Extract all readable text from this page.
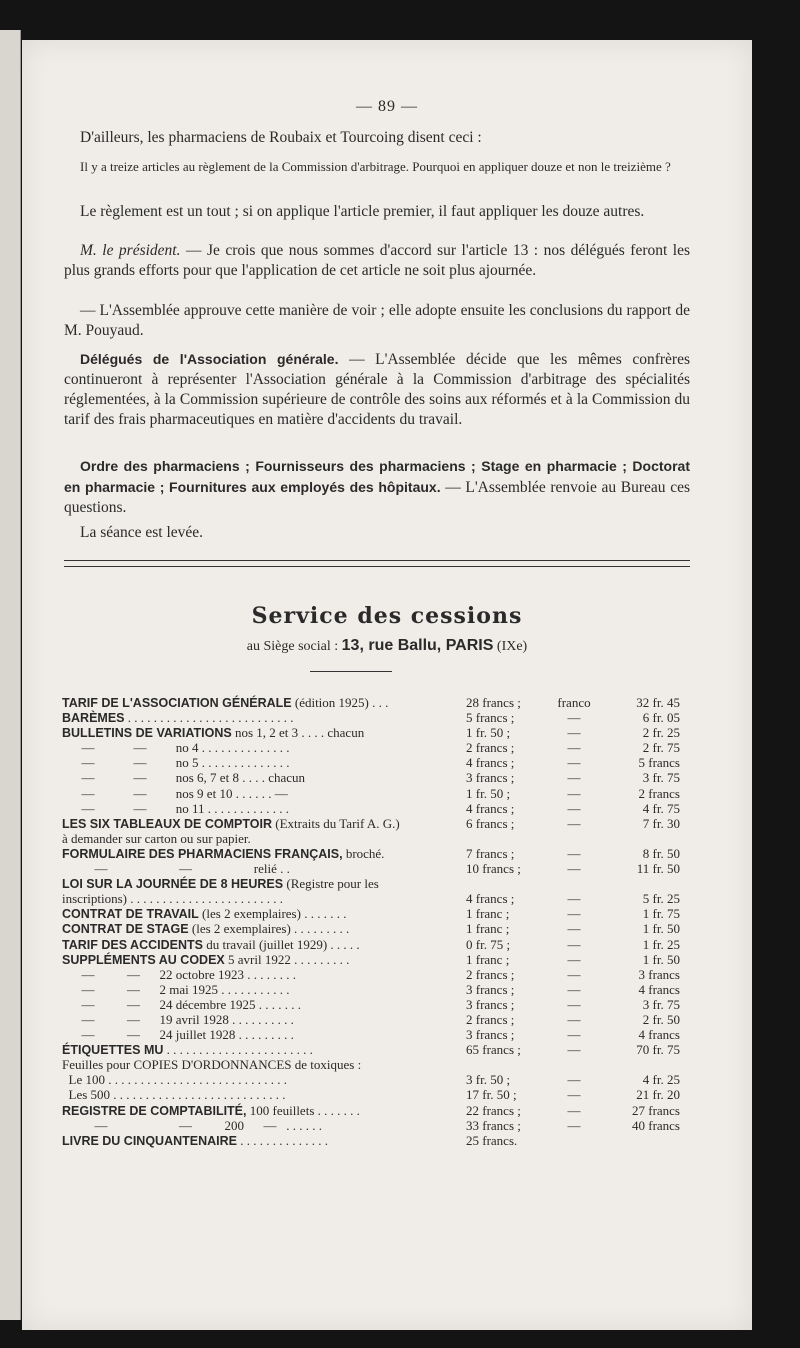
— 89 —
D'ailleurs, les pharmaciens de Roubaix et Tourcoing disent ceci :
Il y a treize articles au règlement de la Commission d'arbitrage. Pourquoi en appliquer douze et non le treizième ?
Le règlement est un tout ; si on applique l'article premier, il faut appliquer les douze autres.
M. le président. — Je crois que nous sommes d'accord sur l'article 13 : nos délégués feront les plus grands efforts pour que l'application de cet article ne soit plus ajournée.
— L'Assemblée approuve cette manière de voir ; elle adopte ensuite les conclusions du rapport de M. Pouyaud.
Délégués de l'Association générale. — L'Assemblée décide que les mêmes confrères continueront à représenter l'Association générale à la Commission d'arbitrage des spécialités réglementées, à la Commission supérieure de contrôle des soins aux réformés et à la Commission du tarif des frais pharmaceutiques en matière d'accidents du travail.
Ordre des pharmaciens ; Fournisseurs des pharmaciens ; Stage en pharmacie ; Doctorat en pharmacie ; Fournitures aux employés des hôpitaux. — L'Assemblée renvoie au Bureau ces questions.
La séance est levée.
Service des cessions
au Siège social : 13, rue Ballu, PARIS (IXe)
TARIF DE L'ASSOCIATION GÉNÉRALE (édition 1925) . . .	28 francs ;	franco	32 fr. 45
BARÈMES . . . . . . . . . . . . . . . . . . . . . . . . . .	5 francs ;	—	6 fr. 05
BULLETINS DE VARIATIONS nos 1, 2 et 3 . . . . chacun	1 fr. 50 ;	—	2 fr. 25
—            —         no 4 . . . . . . . . . . . . . .	2 francs ;	—	2 fr. 75
—            —         no 5 . . . . . . . . . . . . . .	4 francs ;	—	5 francs
—            —         nos 6, 7 et 8 . . . . chacun	3 francs ;	—	3 fr. 75
—            —         nos 9 et 10 . . . . . . —	1 fr. 50 ;	—	2 francs
—            —         no 11 . . . . . . . . . . . . .	4 francs ;	—	4 fr. 75
LES SIX TABLEAUX DE COMPTOIR (Extraits du Tarif A. G.)	6 francs ;	—	7 fr. 30
à demander sur carton ou sur papier.
FORMULAIRE DES PHARMACIENS FRANÇAIS, broché.	7 francs ;	—	8 fr. 50
—                      —                   relié . .	10 francs ;	—	11 fr. 50
LOI SUR LA JOURNÉE DE 8 HEURES (Registre pour les
inscriptions) . . . . . . . . . . . . . . . . . . . . . . . .	4 francs ;	—	5 fr. 25
CONTRAT DE TRAVAIL (les 2 exemplaires) . . . . . . .	1 franc ;	—	1 fr. 75
CONTRAT DE STAGE (les 2 exemplaires) . . . . . . . . .	1 franc ;	—	1 fr. 50
TARIF DES ACCIDENTS du travail (juillet 1929) . . . . .	0 fr. 75 ;	—	1 fr. 25
SUPPLÉMENTS AU CODEX 5 avril 1922 . . . . . . . . .	1 franc ;	—	1 fr. 50
—          —      22 octobre 1923 . . . . . . . .	2 francs ;	—	3 francs
—          —      2 mai 1925 . . . . . . . . . . .	3 francs ;	—	4 francs
—          —      24 décembre 1925 . . . . . . .	3 francs ;	—	3 fr. 75
—          —      19 avril 1928 . . . . . . . . . .	2 francs ;	—	2 fr. 50
—          —      24 juillet 1928 . . . . . . . . .	3 francs ;	—	4 francs
ÉTIQUETTES MU . . . . . . . . . . . . . . . . . . . . . . .	65 francs ;	—	70 fr. 75
Feuilles pour COPIES D'ORDONNANCES de toxiques :
Le 100 . . . . . . . . . . . . . . . . . . . . . . . . . . . .	3 fr. 50 ;	—	4 fr. 25
Les 500 . . . . . . . . . . . . . . . . . . . . . . . . . . .	17 fr. 50 ;	—	21 fr. 20
REGISTRE DE COMPTABILITÉ, 100 feuillets . . . . . . .	22 francs ;	—	27 francs
—                      —          200      —   . . . . . .	33 francs ;	—	40 francs
LIVRE DU CINQUANTENAIRE . . . . . . . . . . . . . .	25 francs.
